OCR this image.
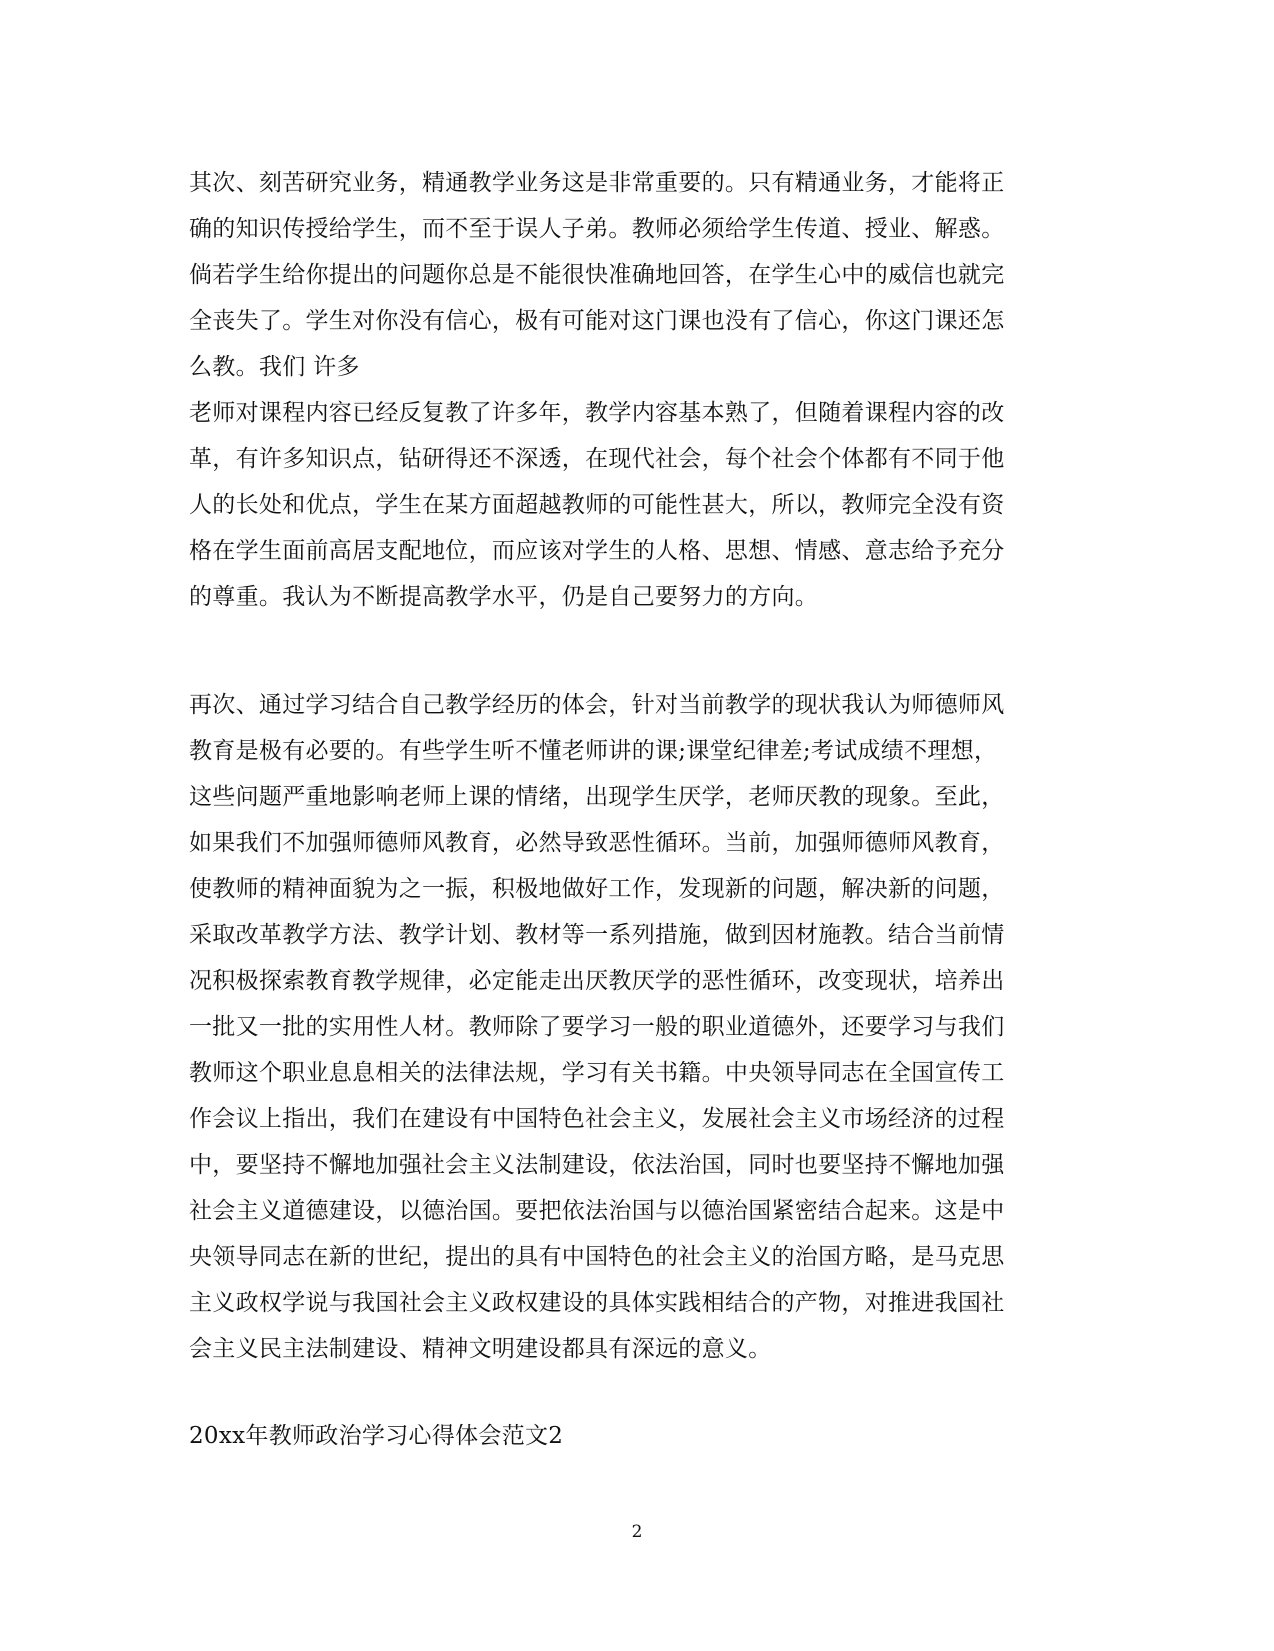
其次、刻苦研究业务，精通教学业务这是非常重要的。只有精通业务，才能将正
确的知识传授给学生，而不至于误人子弟。教师必须给学生传道、授业、解惑。
倘若学生给你提出的问题你总是不能很快准确地回答，在学生心中的威信也就完
全丧失了。学生对你没有信心，极有可能对这门课也没有了信心，你这门课还怎
么教。我们 许多
老师对课程内容已经反复教了许多年，教学内容基本熟了，但随着课程内容的改
革，有许多知识点，钻研得还不深透，在现代社会，每个社会个体都有不同于他
人的长处和优点，学生在某方面超越教师的可能性甚大，所以，教师完全没有资
格在学生面前高居支配地位，而应该对学生的人格、思想、情感、意志给予充分
的尊重。我认为不断提高教学水平，仍是自己要努力的方向。
再次、通过学习结合自己教学经历的体会，针对当前教学的现状我认为师德师风
教育是极有必要的。有些学生听不懂老师讲的课;课堂纪律差;考试成绩不理想，
这些问题严重地影响老师上课的情绪，出现学生厌学，老师厌教的现象。至此，
如果我们不加强师德师风教育，必然导致恶性循环。当前，加强师德师风教育，
使教师的精神面貌为之一振，积极地做好工作，发现新的问题，解决新的问题，
采取改革教学方法、教学计划、教材等一系列措施，做到因材施教。结合当前情
况积极探索教育教学规律，必定能走出厌教厌学的恶性循环，改变现状，培养出
一批又一批的实用性人材。教师除了要学习一般的职业道德外，还要学习与我们
教师这个职业息息相关的法律法规，学习有关书籍。中央领导同志在全国宣传工
作会议上指出，我们在建设有中国特色社会主义，发展社会主义市场经济的过程
中，要坚持不懈地加强社会主义法制建设，依法治国，同时也要坚持不懈地加强
社会主义道德建设，以德治国。要把依法治国与以德治国紧密结合起来。这是中
央领导同志在新的世纪，提出的具有中国特色的社会主义的治国方略，是马克思
主义政权学说与我国社会主义政权建设的具体实践相结合的产物，对推进我国社
会主义民主法制建设、精神文明建设都具有深远的意义。
20xx年教师政治学习心得体会范文2
2
